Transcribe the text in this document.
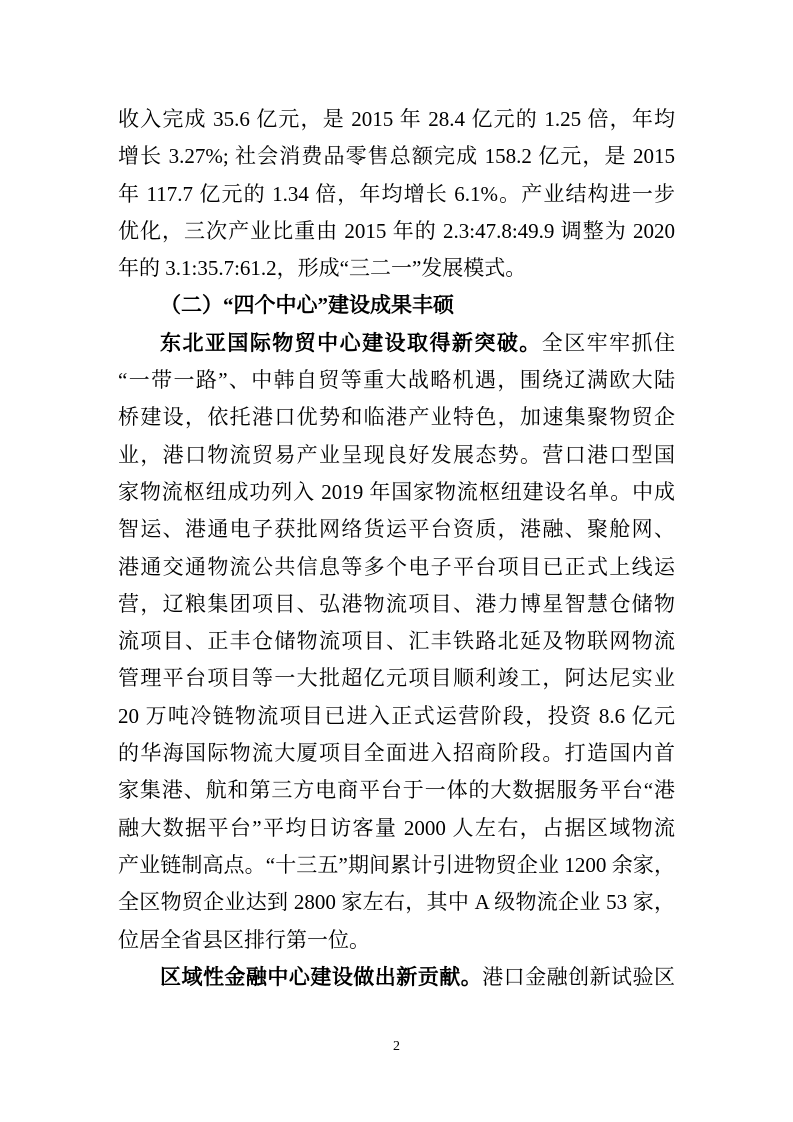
收入完成 35.6 亿元，是 2015 年 28.4 亿元的 1.25 倍，年均
增长 3.27%; 社会消费品零售总额完成 158.2 亿元，是 2015
年 117.7 亿元的 1.34 倍，年均增长 6.1%。产业结构进一步
优化，三次产业比重由 2015 年的 2.3:47.8:49.9 调整为 2020
年的 3.1:35.7:61.2，形成“三二一”发展模式。
（二）“四个中心”建设成果丰硕
东北亚国际物贸中心建设取得新突破。全区牢牢抓住
“一带一路”、中韩自贸等重大战略机遇，围绕辽满欧大陆
桥建设，依托港口优势和临港产业特色，加速集聚物贸企
业，港口物流贸易产业呈现良好发展态势。营口港口型国
家物流枢纽成功列入 2019 年国家物流枢纽建设名单。中成
智运、港通电子获批网络货运平台资质，港融、聚舱网、
港通交通物流公共信息等多个电子平台项目已正式上线运
营，辽粮集团项目、弘港物流项目、港力博星智慧仓储物
流项目、正丰仓储物流项目、汇丰铁路北延及物联网物流
管理平台项目等一大批超亿元项目顺利竣工，阿达尼实业
20 万吨冷链物流项目已进入正式运营阶段，投资 8.6 亿元
的华海国际物流大厦项目全面进入招商阶段。打造国内首
家集港、航和第三方电商平台于一体的大数据服务平台“港
融大数据平台”平均日访客量 2000 人左右，占据区域物流
产业链制高点。“十三五”期间累计引进物贸企业 1200 余家，
全区物贸企业达到 2800 家左右，其中 A 级物流企业 53 家，
位居全省县区排行第一位。
区域性金融中心建设做出新贡献。港口金融创新试验区
2
